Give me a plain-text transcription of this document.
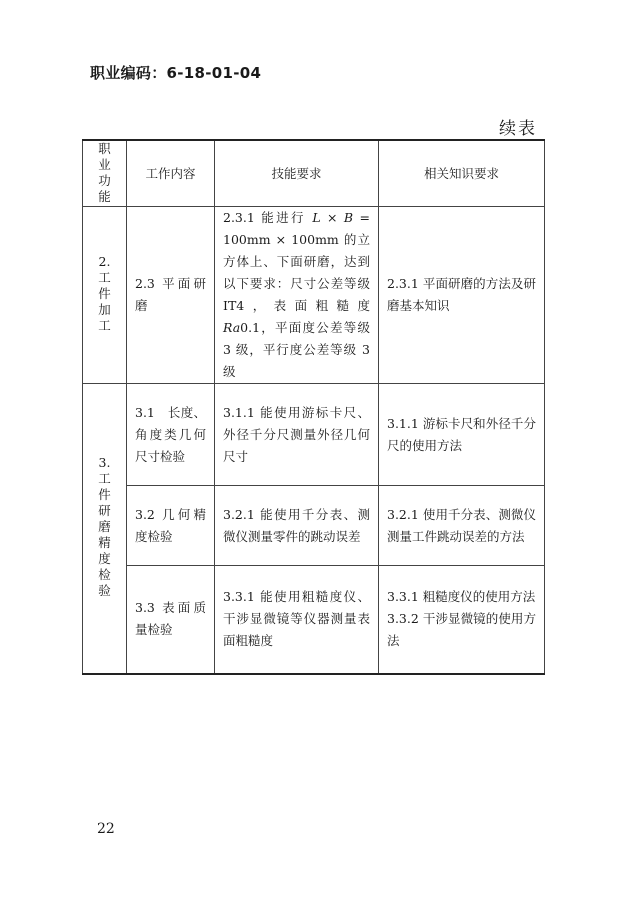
职业编码：6-18-01-04
续表
职业功能	工作内容	技能要求	相关知识要求
2. 工件加工	2.3 平面研磨	2.3.1 能进行 L × B = 100mm × 100mm 的立方体上、下面研磨，达到以下要求：尺寸公差等级 IT4，表面粗糙度 Ra0.1，平面度公差等级 3 级，平行度公差等级 3 级	2.3.1 平面研磨的方法及研磨基本知识
3. 工件研磨精度检验	3.1　长度、角度类几何尺寸检验	3.1.1 能使用游标卡尺、外径千分尺测量外径几何尺寸	3.1.1 游标卡尺和外径千分尺的使用方法
	3.2 几何精度检验	3.2.1 能使用千分表、测微仪测量零件的跳动误差	3.2.1 使用千分表、测微仪测量工件跳动误差的方法
	3.3 表面质量检验	3.3.1 能使用粗糙度仪、干涉显微镜等仪器测量表面粗糙度	3.3.1 粗糙度仪的使用方法
3.3.2 干涉显微镜的使用方法
22
